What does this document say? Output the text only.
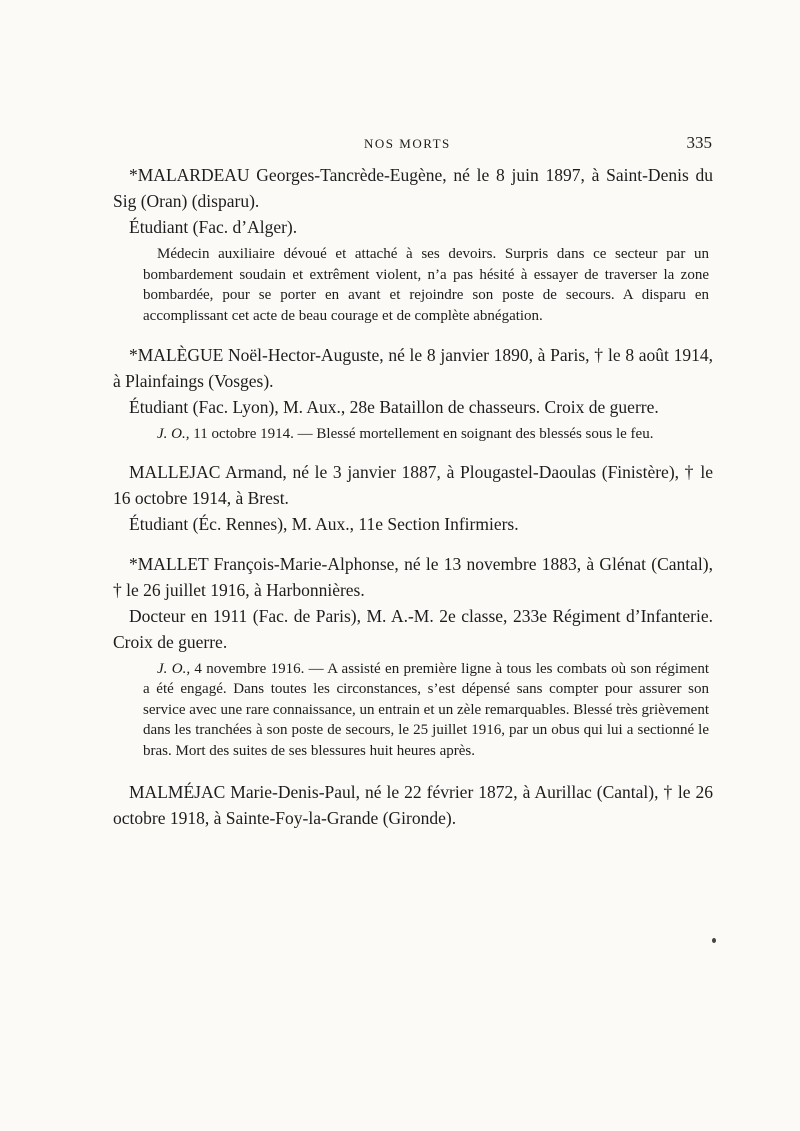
NOS MORTS	335

*MALARDEAU Georges-Tancrède-Eugène, né le 8 juin 1897, à Saint-Denis du Sig (Oran) (disparu).

Étudiant (Fac. d’Alger).

Médecin auxiliaire dévoué et attaché à ses devoirs. Surpris dans ce secteur par un bombardement soudain et extrêment violent, n’a pas hésité à essayer de traverser la zone bombardée, pour se porter en avant et rejoindre son poste de secours. A disparu en accomplissant cet acte de beau courage et de complète abnégation.

*MALÈGUE Noël-Hector-Auguste, né le 8 janvier 1890, à Paris, † le 8 août 1914, à Plainfaings (Vosges).

Étudiant (Fac. Lyon), M. Aux., 28e Bataillon de chasseurs. Croix de guerre.

J. O., 11 octobre 1914. — Blessé mortellement en soignant des blessés sous le feu.

MALLEJAC Armand, né le 3 janvier 1887, à Plougastel-Daoulas (Finistère), † le 16 octobre 1914, à Brest.

Étudiant (Éc. Rennes), M. Aux., 11e Section Infirmiers.

*MALLET François-Marie-Alphonse, né le 13 novembre 1883, à Glénat (Cantal), † le 26 juillet 1916, à Harbonnières.

Docteur en 1911 (Fac. de Paris), M. A.-M. 2e classe, 233e Régiment d’Infanterie. Croix de guerre.

J. O., 4 novembre 1916. — A assisté en première ligne à tous les combats où son régiment a été engagé. Dans toutes les circonstances, s’est dépensé sans compter pour assurer son service avec une rare connaissance, un entrain et un zèle remarquables. Blessé très grièvement dans les tranchées à son poste de secours, le 25 juillet 1916, par un obus qui lui a sectionné le bras. Mort des suites de ses blessures huit heures après.

MALMÉJAC Marie-Denis-Paul, né le 22 février 1872, à Aurillac (Cantal), † le 26 octobre 1918, à Sainte-Foy-la-Grande (Gironde).
